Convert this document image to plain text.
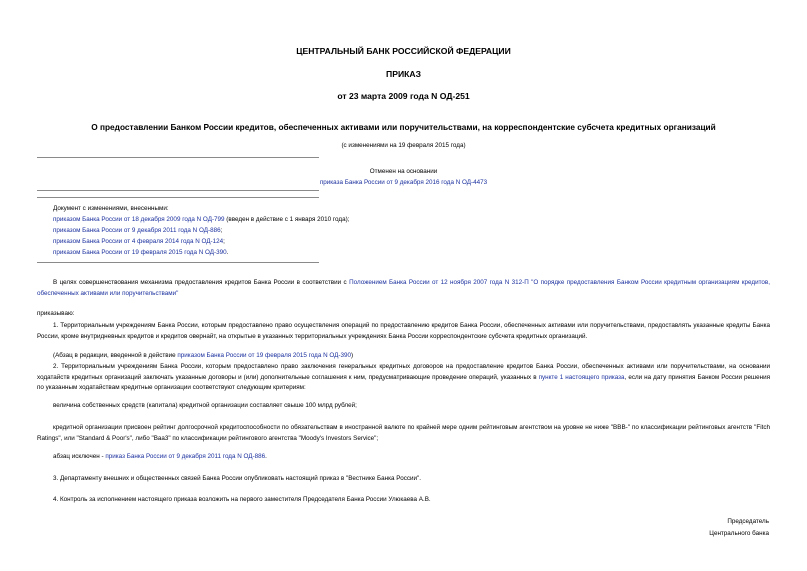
ЦЕНТРАЛЬНЫЙ БАНК РОССИЙСКОЙ ФЕДЕРАЦИИ
ПРИКАЗ
от 23 марта 2009 года N ОД-251
О предоставлении Банком России кредитов, обеспеченных активами или поручительствами, на корреспондентские субсчета кредитных организаций
(с изменениями на 19 февраля 2015 года)
Отменен на основании
приказа Банка России от 9 декабря 2016 года N ОД-4473
Документ с изменениями, внесенными:
приказом Банка России от 18 декабря 2009 года N ОД-799 (введен в действие с 1 января 2010 года);
приказом Банка России от 9 декабря 2011 года N ОД-886;
приказом Банка России от 4 февраля 2014 года N ОД-124;
приказом Банка России от 19 февраля 2015 года N ОД-390.
В целях совершенствования механизма предоставления кредитов Банка России в соответствии с Положением Банка России от 12 ноября 2007 года N 312-П "О порядке предоставления Банком России кредитным организациям кредитов, обеспеченных активами или поручительствами"
приказываю:
1. Территориальным учреждениям Банка России, которым предоставлено право осуществления операций по предоставлению кредитов Банка России, обеспеченных активами или поручительствами, предоставлять указанные кредиты Банка России, кроме внутридневных кредитов и кредитов овернайт, на открытые в указанных территориальных учреждениях Банка России корреспондентские субсчета кредитных организаций.
(Абзац в редакции, введенной в действие приказом Банка России от 19 февраля 2015 года N ОД-390)
2. Территориальным учреждениям Банка России, которым предоставлено право заключения генеральных кредитных договоров на предоставление кредитов Банка России, обеспеченных активами или поручительствами, на основании ходатайств кредитных организаций заключать указанные договоры и (или) дополнительные соглашения к ним, предусматривающие проведение операций, указанных в пункте 1 настоящего приказа, если на дату принятия Банком России решения по указанным ходатайствам кредитные организации соответствуют следующим критериям:
величина собственных средств (капитала) кредитной организации составляет свыше 100 млрд рублей;
кредитной организации присвоен рейтинг долгосрочной кредитоспособности по обязательствам в иностранной валюте по крайней мере одним рейтинговым агентством на уровне не ниже "ВВВ-" по классификации рейтинговых агентств "Fitch Ratings", или "Standard & Poor's", либо "Ваа3" по классификации рейтингового агентства "Moody's Investors Service";
абзац исключен - приказ Банка России от 9 декабря 2011 года N ОД-886.
3. Департаменту внешних и общественных связей Банка России опубликовать настоящий приказ в "Вестнике Банка России".
4. Контроль за исполнением настоящего приказа возложить на первого заместителя Председателя Банка России Улюкаева А.В.
Председатель
Центрального банка
